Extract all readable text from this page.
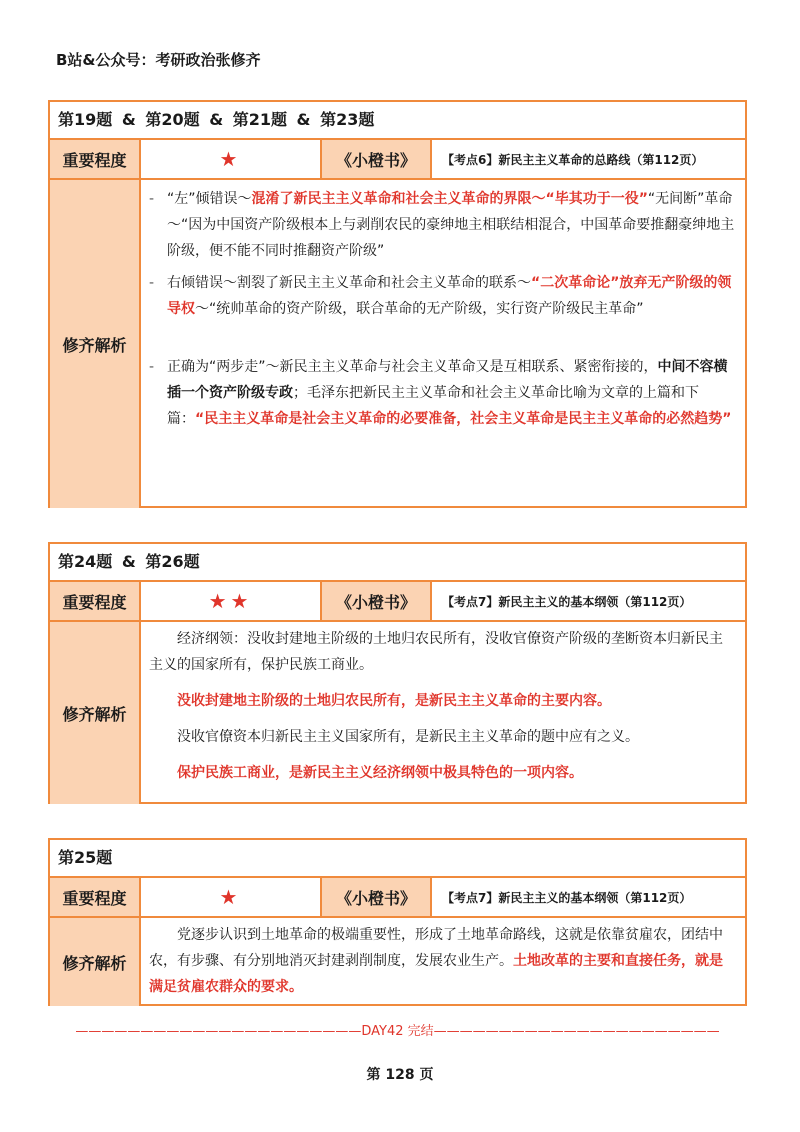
B站&公众号：考研政治张修齐
第19题 & 第20题 & 第21题 & 第23题
重要程度	★	《小橙书》	【考点6】新民主主义革命的总路线（第112页）
修齐解析
- “左”倾错误～混淆了新民主主义革命和社会主义革命的界限～“毕其功于一役”“无间断”革命～“因为中国资产阶级根本上与剥削农民的豪绅地主相联结相混合，中国革命要推翻豪绅地主阶级，便不能不同时推翻资产阶级”
- 右倾错误～割裂了新民主主义革命和社会主义革命的联系～“二次革命论”放弃无产阶级的领导权～“统帅革命的资产阶级，联合革命的无产阶级，实行资产阶级民主革命”
- 正确为“两步走”～新民主主义革命与社会主义革命又是互相联系、紧密衔接的，中间不容横插一个资产阶级专政；毛泽东把新民主主义革命和社会主义革命比喻为文章的上篇和下篇：“民主主义革命是社会主义革命的必要准备，社会主义革命是民主主义革命的必然趋势”
第24题 & 第26题
重要程度	★★	《小橙书》	【考点7】新民主主义的基本纲领（第112页）
修齐解析

经济纲领：没收封建地主阶级的土地归农民所有，没收官僚资产阶级的垄断资本归新民主主义的国家所有，保护民族工商业。

没收封建地主阶级的土地归农民所有，是新民主主义革命的主要内容。

没收官僚资本归新民主主义国家所有，是新民主主义革命的题中应有之义。

保护民族工商业，是新民主主义经济纲领中极具特色的一项内容。

第25题
重要程度	★	《小橙书》	【考点7】新民主主义的基本纲领（第112页）
修齐解析

党逐步认识到土地革命的极端重要性，形成了土地革命路线，这就是依靠贫雇农，团结中农，有步骤、有分别地消灭封建剥削制度，发展农业生产。土地改革的主要和直接任务，就是满足贫雇农群众的要求。

——————————————————————DAY42 完结——————————————————————
第 128 页
